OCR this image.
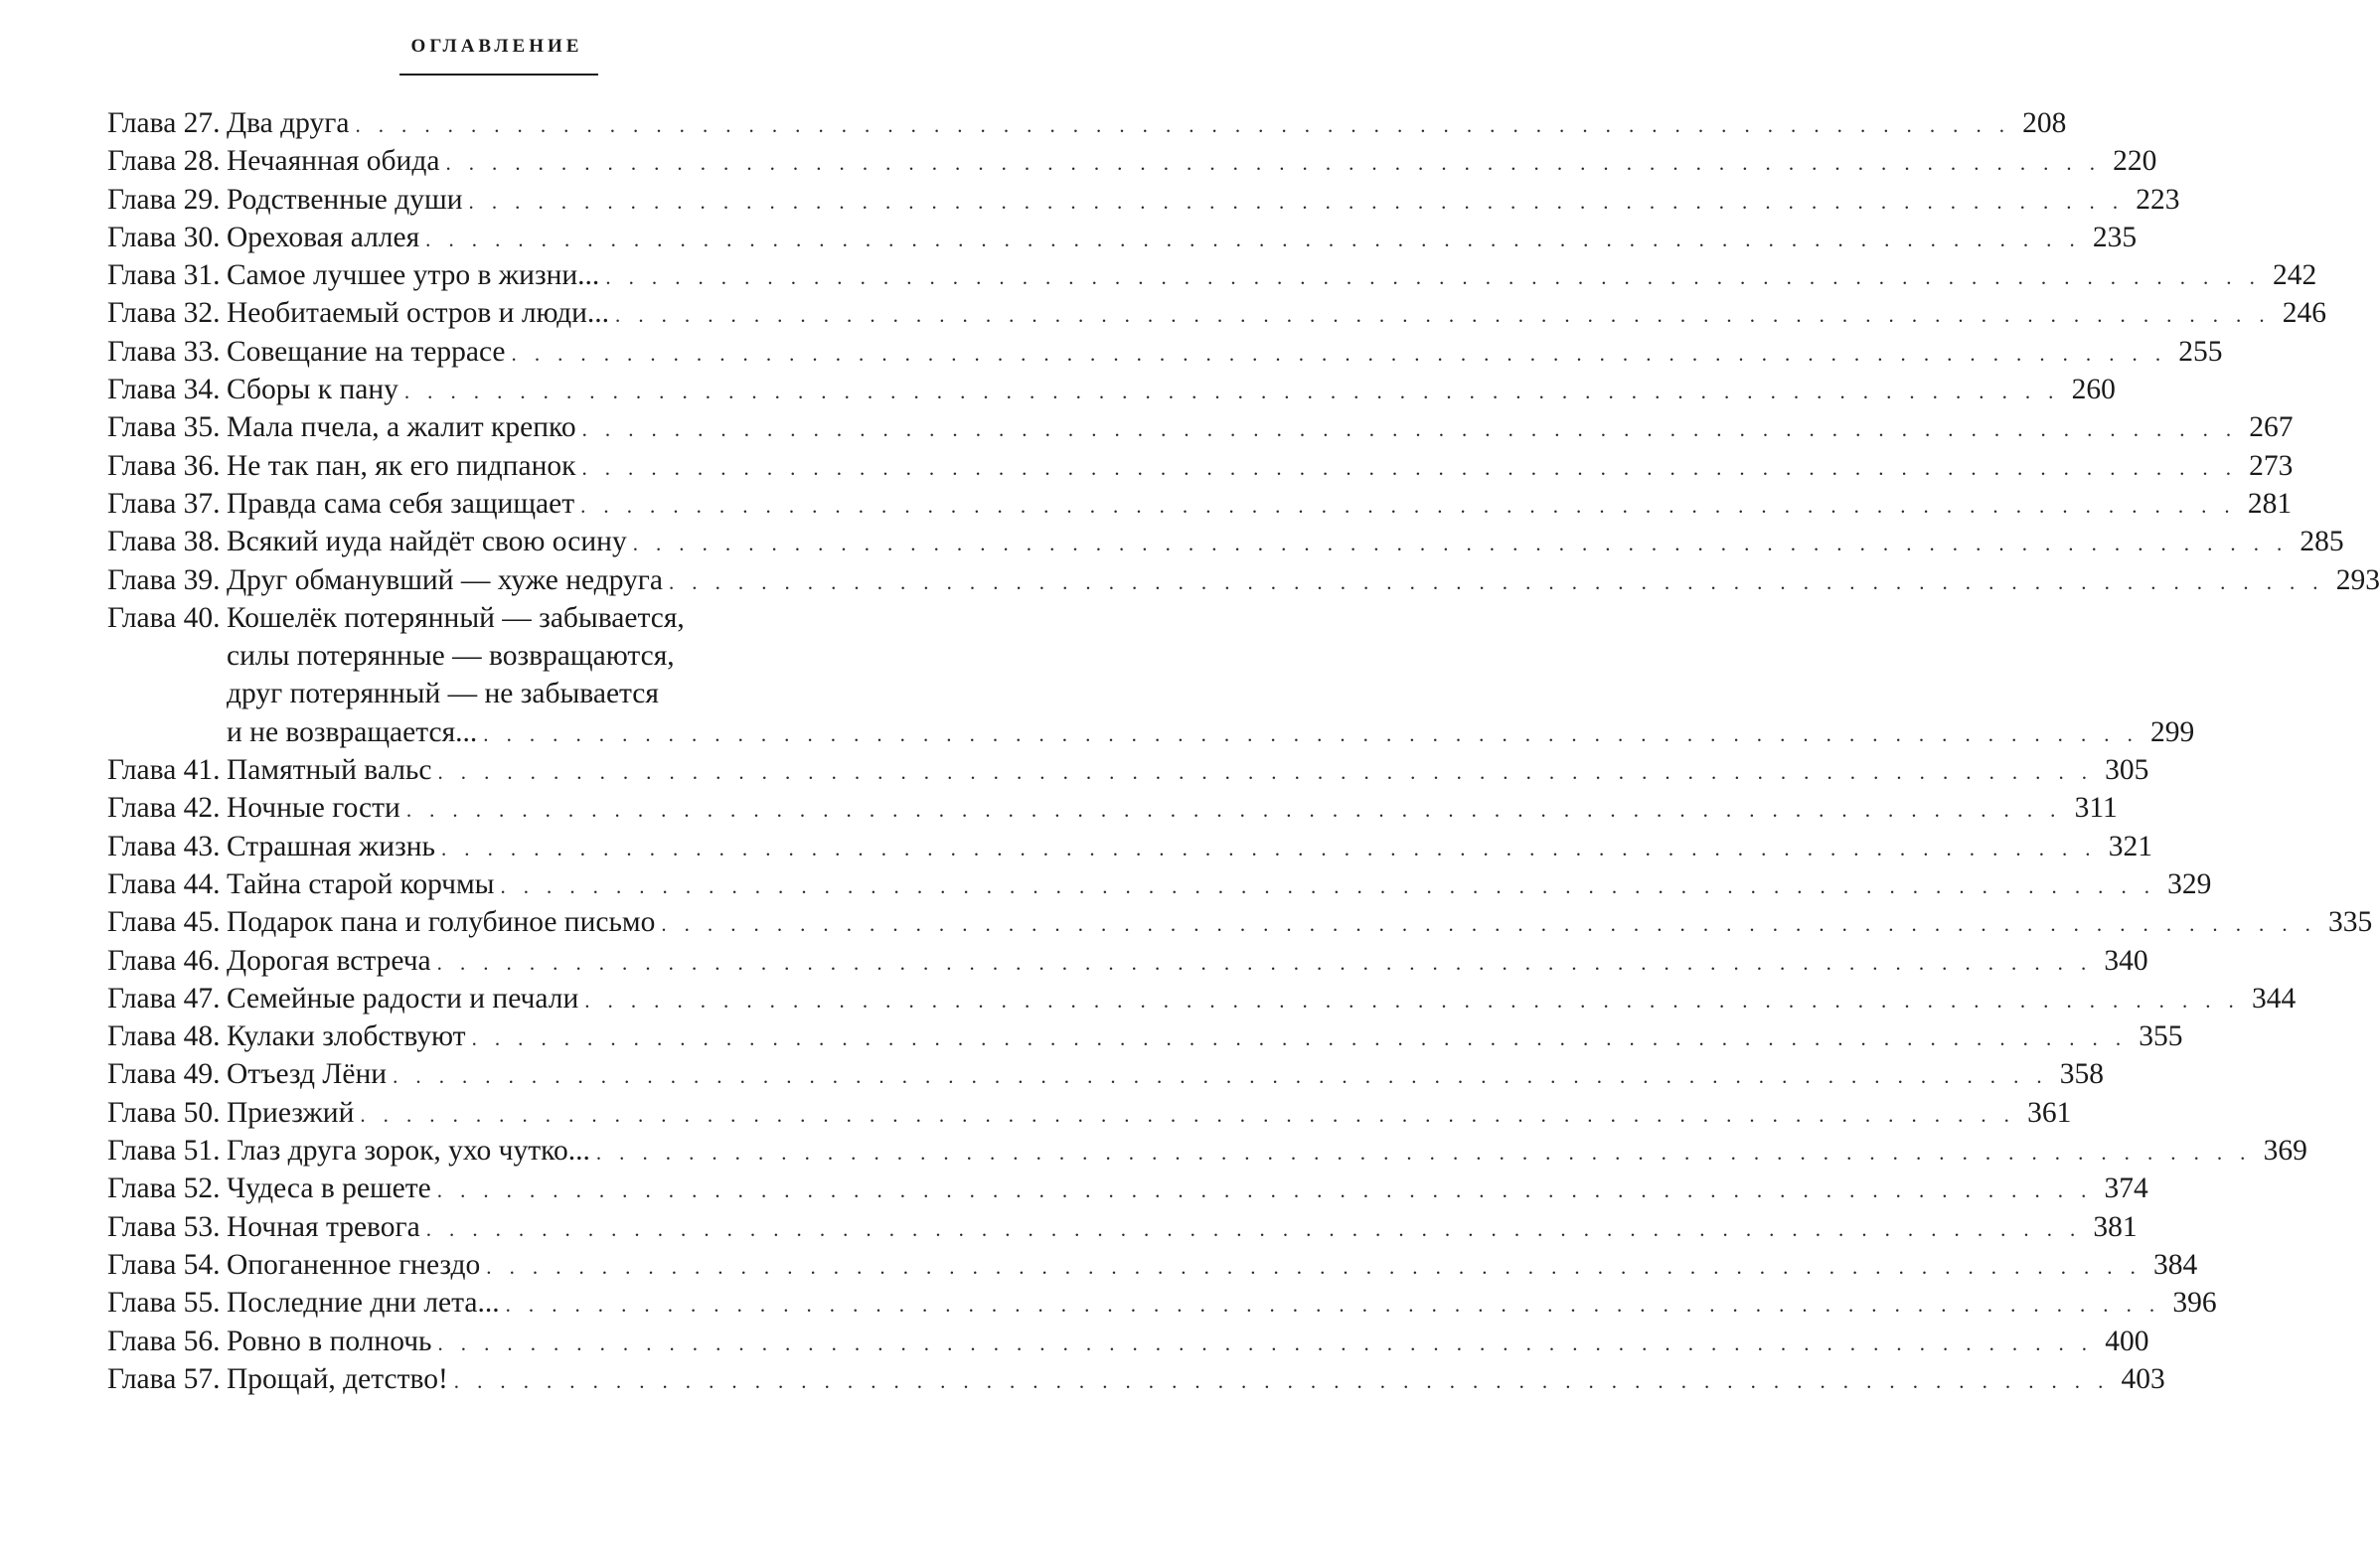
ОГЛАВЛЕНИЕ
Глава 27. Два друга . . . . . . . . . . . . . . . . . . . . . . . . . . . . . . . . . . . . . . . . . . . . . . . . . . . . . . . . . . . . . . . . . . . . . . . . 208
Глава 28. Нечаянная обида . . . . . . . . . . . . . . . . . . . . . . . . . . . . . . . . . . . . . . . . . . . . . . . . . . . . . . . . . . . . . . . . . . . . . . . . 220
Глава 29. Родственные души . . . . . . . . . . . . . . . . . . . . . . . . . . . . . . . . . . . . . . . . . . . . . . . . . . . . . . . . . . . . . . . . . . . . . . . . 223
Глава 30. Ореховая аллея . . . . . . . . . . . . . . . . . . . . . . . . . . . . . . . . . . . . . . . . . . . . . . . . . . . . . . . . . . . . . . . . . . . . . . . . 235
Глава 31. Самое лучшее утро в жизни... . . . . . . . . . . . . . . . . . . . . . . . . . . . . . . . . . . . . . . . . . . . . . . . . . . . . . . . . . . . . . . . . . . . . . . . . 242
Глава 32. Необитаемый остров и люди... . . . . . . . . . . . . . . . . . . . . . . . . . . . . . . . . . . . . . . . . . . . . . . . . . . . . . . . . . . . . . . . . . . . . . . . . 246
Глава 33. Совещание на террасе . . . . . . . . . . . . . . . . . . . . . . . . . . . . . . . . . . . . . . . . . . . . . . . . . . . . . . . . . . . . . . . . . . . . . . . . 255
Глава 34. Сборы к пану . . . . . . . . . . . . . . . . . . . . . . . . . . . . . . . . . . . . . . . . . . . . . . . . . . . . . . . . . . . . . . . . . . . . . . . . 260
Глава 35. Мала пчела, а жалит крепко . . . . . . . . . . . . . . . . . . . . . . . . . . . . . . . . . . . . . . . . . . . . . . . . . . . . . . . . . . . . . . . . . . . . . . . . 267
Глава 36. Не так пан, як его пидпанок . . . . . . . . . . . . . . . . . . . . . . . . . . . . . . . . . . . . . . . . . . . . . . . . . . . . . . . . . . . . . . . . . . . . . . . . 273
Глава 37. Правда сама себя защищает . . . . . . . . . . . . . . . . . . . . . . . . . . . . . . . . . . . . . . . . . . . . . . . . . . . . . . . . . . . . . . . . . . . . . . . . 281
Глава 38. Всякий иуда найдёт свою осину . . . . . . . . . . . . . . . . . . . . . . . . . . . . . . . . . . . . . . . . . . . . . . . . . . . . . . . . . . . . . . . . . . . . . . . . 285
Глава 39. Друг обманувший — хуже недруга . . . . . . . . . . . . . . . . . . . . . . . . . . . . . . . . . . . . . . . . . . . . . . . . . . . . . . . . . . . . . . . . . . . . . . . . 293
Глава 40. Кошелёк потерянный — забывается,
силы потерянные — возвращаются,
друг потерянный — не забывается
и не возвращается... . . . . . . . . . . . . . . . . . . . . . . . . . . . . . . . . . . . . . . . . . . . . . . . . . . . . . . . . . . . . . . . . . . . . . . . . 299
Глава 41. Памятный вальс . . . . . . . . . . . . . . . . . . . . . . . . . . . . . . . . . . . . . . . . . . . . . . . . . . . . . . . . . . . . . . . . . . . . . . . . 305
Глава 42. Ночные гости . . . . . . . . . . . . . . . . . . . . . . . . . . . . . . . . . . . . . . . . . . . . . . . . . . . . . . . . . . . . . . . . . . . . . . . . 311
Глава 43. Страшная жизнь . . . . . . . . . . . . . . . . . . . . . . . . . . . . . . . . . . . . . . . . . . . . . . . . . . . . . . . . . . . . . . . . . . . . . . . . 321
Глава 44. Тайна старой корчмы . . . . . . . . . . . . . . . . . . . . . . . . . . . . . . . . . . . . . . . . . . . . . . . . . . . . . . . . . . . . . . . . . . . . . . . . 329
Глава 45. Подарок пана и голубиное письмо . . . . . . . . . . . . . . . . . . . . . . . . . . . . . . . . . . . . . . . . . . . . . . . . . . . . . . . . . . . . . . . . . . . . . . . . 335
Глава 46. Дорогая встреча . . . . . . . . . . . . . . . . . . . . . . . . . . . . . . . . . . . . . . . . . . . . . . . . . . . . . . . . . . . . . . . . . . . . . . . . 340
Глава 47. Семейные радости и печали . . . . . . . . . . . . . . . . . . . . . . . . . . . . . . . . . . . . . . . . . . . . . . . . . . . . . . . . . . . . . . . . . . . . . . . . 344
Глава 48. Кулаки злобствуют . . . . . . . . . . . . . . . . . . . . . . . . . . . . . . . . . . . . . . . . . . . . . . . . . . . . . . . . . . . . . . . . . . . . . . . . 355
Глава 49. Отъезд Лёни . . . . . . . . . . . . . . . . . . . . . . . . . . . . . . . . . . . . . . . . . . . . . . . . . . . . . . . . . . . . . . . . . . . . . . . . 358
Глава 50. Приезжий . . . . . . . . . . . . . . . . . . . . . . . . . . . . . . . . . . . . . . . . . . . . . . . . . . . . . . . . . . . . . . . . . . . . . . . . 361
Глава 51. Глаз друга зорок, ухо чутко... . . . . . . . . . . . . . . . . . . . . . . . . . . . . . . . . . . . . . . . . . . . . . . . . . . . . . . . . . . . . . . . . . . . . . . . . 369
Глава 52. Чудеса в решете . . . . . . . . . . . . . . . . . . . . . . . . . . . . . . . . . . . . . . . . . . . . . . . . . . . . . . . . . . . . . . . . . . . . . . . . 374
Глава 53. Ночная тревога . . . . . . . . . . . . . . . . . . . . . . . . . . . . . . . . . . . . . . . . . . . . . . . . . . . . . . . . . . . . . . . . . . . . . . . . 381
Глава 54. Опоганенное гнездо . . . . . . . . . . . . . . . . . . . . . . . . . . . . . . . . . . . . . . . . . . . . . . . . . . . . . . . . . . . . . . . . . . . . . . . . 384
Глава 55. Последние дни лета... . . . . . . . . . . . . . . . . . . . . . . . . . . . . . . . . . . . . . . . . . . . . . . . . . . . . . . . . . . . . . . . . . . . . . . . . 396
Глава 56. Ровно в полночь . . . . . . . . . . . . . . . . . . . . . . . . . . . . . . . . . . . . . . . . . . . . . . . . . . . . . . . . . . . . . . . . . . . . . . . . 400
Глава 57. Прощай, детство! . . . . . . . . . . . . . . . . . . . . . . . . . . . . . . . . . . . . . . . . . . . . . . . . . . . . . . . . . . . . . . . . . . . . . . . . 403
